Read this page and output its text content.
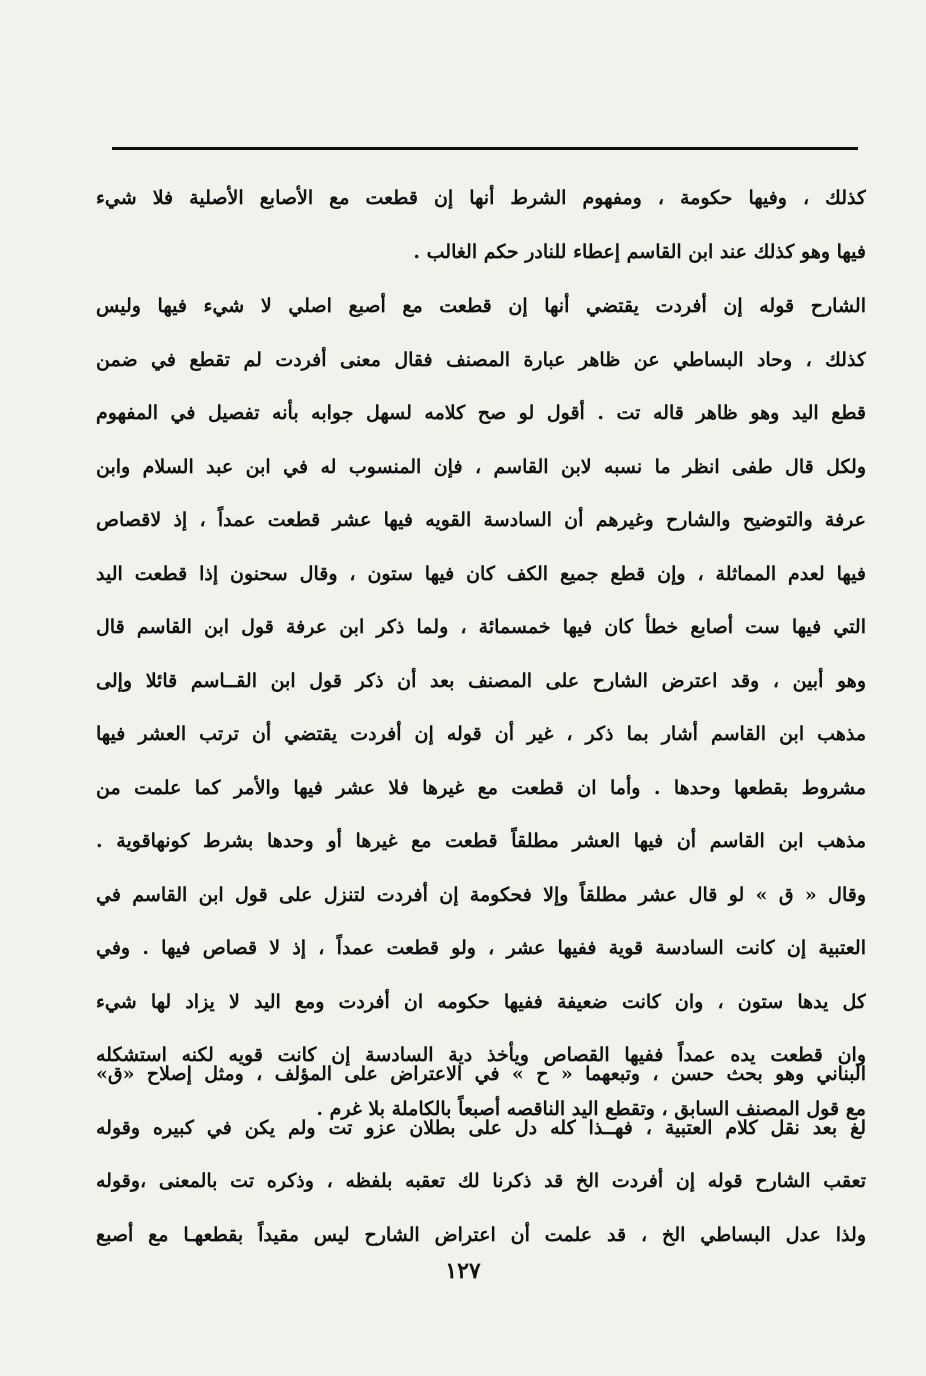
كذلك ، وفيها حكومة ، ومفهوم الشرط أنها إن قطعت مع الأصابع الأصلية فلا شيء
فيها وهو كذلك عند ابن القاسم إعطاء للنادر حكم الغالب .
الشارح قوله إن أفردت يقتضي أنها إن قطعت مع أصبع اصلي لا شيء فيها وليس
كذلك ، وحاد البساطي عن ظاهر عبارة المصنف فقال معنى أفردت لم تقطع في ضمن
قطع اليد وهو ظاهر قاله تت . أقول لو صح كلامه لسهل جوابه بأنه تفصيل في المفهوم
ولكل قال طفى انظر ما نسبه لابن القاسم ، فإن المنسوب له في ابن عبد السلام وابن
عرفة والتوضيح والشارح وغيرهم أن السادسة القويه فيها عشر قطعت عمداً ، إذ لاقصاص
فيها لعدم المماثلة ، وإن قطع جميع الكف كان فيها ستون ، وقال سحنون إذا قطعت اليد
التي فيها ست أصابع خطأ كان فيها خمسمائة ، ولما ذكر ابن عرفة قول ابن القاسم قال
وهو أبين ، وقد اعترض الشارح على المصنف بعد أن ذكر قول ابن القــاسم قائلا وإلى
مذهب ابن القاسم أشار بما ذكر ، غير أن قوله إن أفردت يقتضي أن ترتب العشر فيها
مشروط بقطعها وحدها . وأما ان قطعت مع غيرها فلا عشر فيها والأمر كما علمت من
مذهب ابن القاسم أن فيها العشر مطلقاً قطعت مع غيرها أو وحدها بشرط كونهاقوية .
وقال « ق » لو قال عشر مطلقاً وإلا فحكومة إن أفردت لتنزل على قول ابن القاسم في
العتبية إن كانت السادسة قوية ففيها عشر ، ولو قطعت عمداً ، إذ لا قصاص فيها . وفي
كل يدها ستون ، وان كانت ضعيفة ففيها حكومه ان أفردت ومع اليد لا يزاد لها شيء
وان قطعت يده عمداً ففيها القصاص ويأخذ دية السادسة إن كانت قويه لكنه استشكله
مع قول المصنف السابق ، وتقطع اليد الناقصه أصبعاً بالكاملة بلا غرم .
البناني وهو بحث حسن ، وتبعهما « ح » في الاعتراض على المؤلف ، ومثل إصلاح «ق»
لغ بعد نقل كلام العتبية ، فهــذا كله دل على بطلان عزو تت ولم يكن في كبيره وقوله
تعقب الشارح قوله إن أفردت الخ قد ذكرنا لك تعقبه بلفظه ، وذكره تت بالمعنى ،وقوله
ولذا عدل البساطي الخ ، قد علمت أن اعتراض الشارح ليس مقيداً بقطعهـا مع أصبع
١٢٧
